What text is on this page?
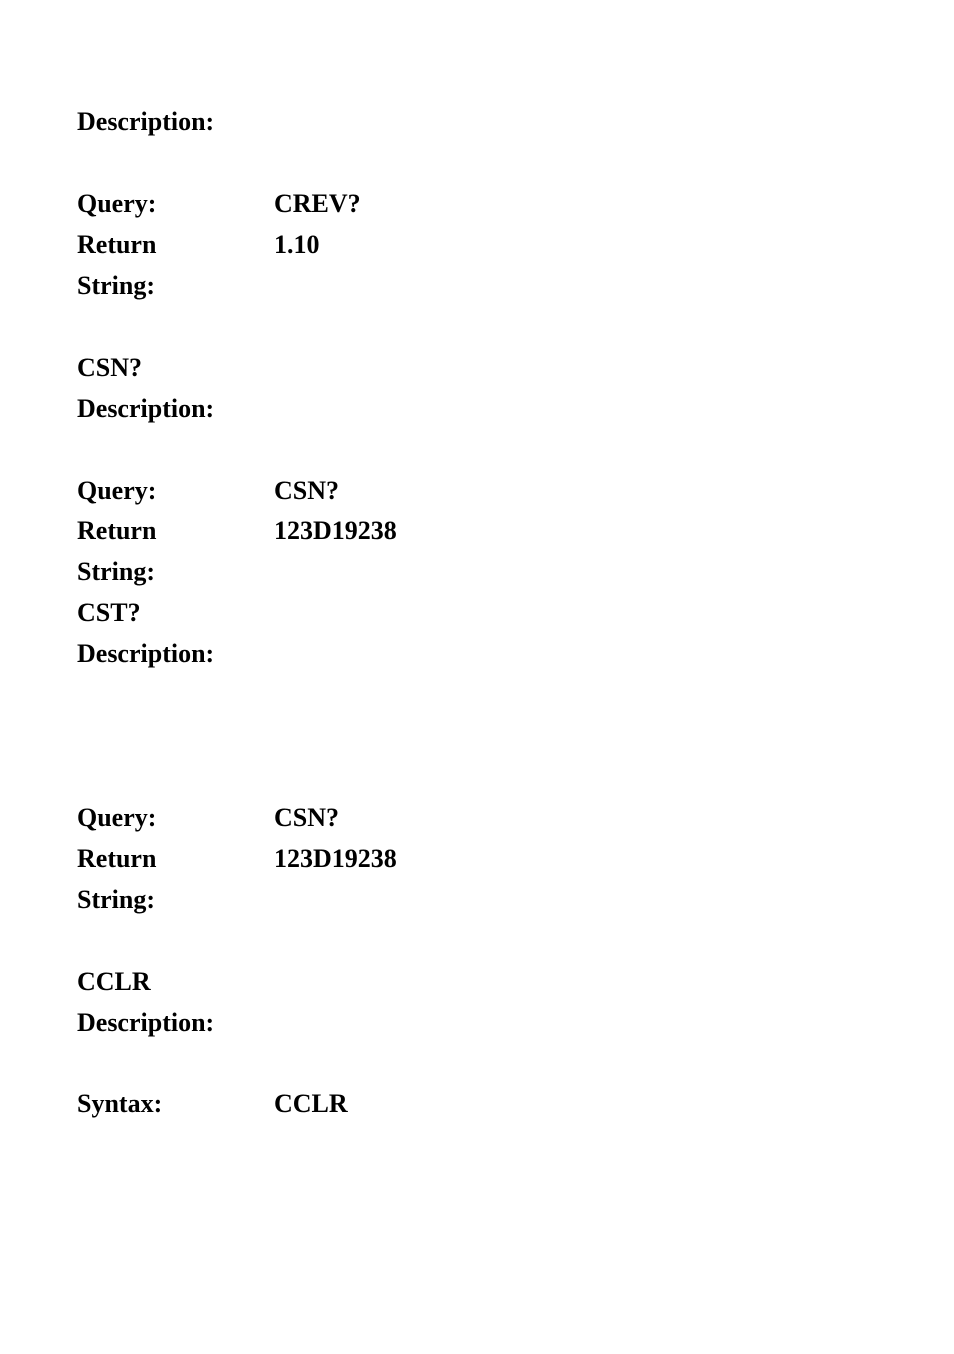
Description:
Query:	CREV?
Return	1.10
String:
CSN?
Description:
Query:	CSN?
Return	123D19238
String:
CST?
Description:
Query:	CSN?
Return	123D19238
String:
CCLR
Description:
Syntax:	CCLR
